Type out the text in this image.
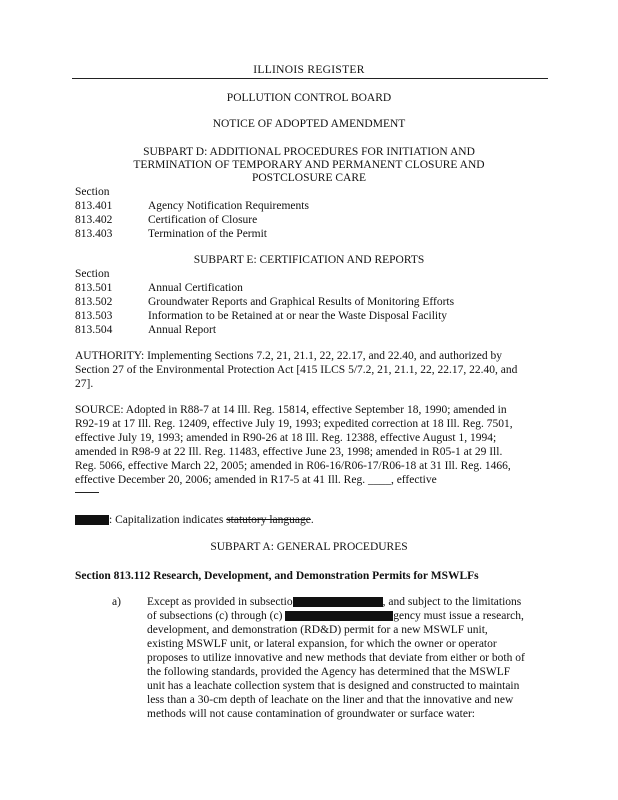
ILLINOIS REGISTER
POLLUTION CONTROL BOARD
NOTICE OF ADOPTED AMENDMENT
SUBPART D: ADDITIONAL PROCEDURES FOR INITIATION AND
TERMINATION OF TEMPORARY AND PERMANENT CLOSURE AND
POSTCLOSURE CARE
Section
813.401	Agency Notification Requirements
813.402	Certification of Closure
813.403	Termination of the Permit
SUBPART E: CERTIFICATION AND REPORTS
Section
813.501	Annual Certification
813.502	Groundwater Reports and Graphical Results of Monitoring Efforts
813.503	Information to be Retained at or near the Waste Disposal Facility
813.504	Annual Report
AUTHORITY: Implementing Sections 7.2, 21, 21.1, 22, 22.17, and 22.40, and authorized by
Section 27 of the Environmental Protection Act [415 ILCS 5/7.2, 21, 21.1, 22, 22.17, 22.40, and
27].
SOURCE: Adopted in R88-7 at 14 Ill. Reg. 15814, effective September 18, 1990; amended in
R92-19 at 17 Ill. Reg. 12409, effective July 19, 1993; expedited correction at 18 Ill. Reg. 7501,
effective July 19, 1993; amended in R90-26 at 18 Ill. Reg. 12388, effective August 1, 1994;
amended in R98-9 at 22 Ill. Reg. 11483, effective June 23, 1998; amended in R05-1 at 29 Ill.
Reg. 5066, effective March 22, 2005; amended in R06-16/R06-17/R06-18 at 31 Ill. Reg. 1466,
effective December 20, 2006; amended in R17-5 at 41 Ill. Reg. ____, effective
: Capitalization indicates statutory language.
SUBPART A: GENERAL PROCEDURES
Section 813.112 Research, Development, and Demonstration Permits for MSWLFs
a) Except as provided in subsectio	, and subject to the limitations
of subsections (c) through (c)	gency must issue a research,
development, and demonstration (RD&D) permit for a new MSWLF unit,
existing MSWLF unit, or lateral expansion, for which the owner or operator
proposes to utilize innovative and new methods that deviate from either or both of
the following standards, provided the Agency has determined that the MSWLF
unit has a leachate collection system that is designed and constructed to maintain
less than a 30-cm depth of leachate on the liner and that the innovative and new
methods will not cause contamination of groundwater or surface water:
